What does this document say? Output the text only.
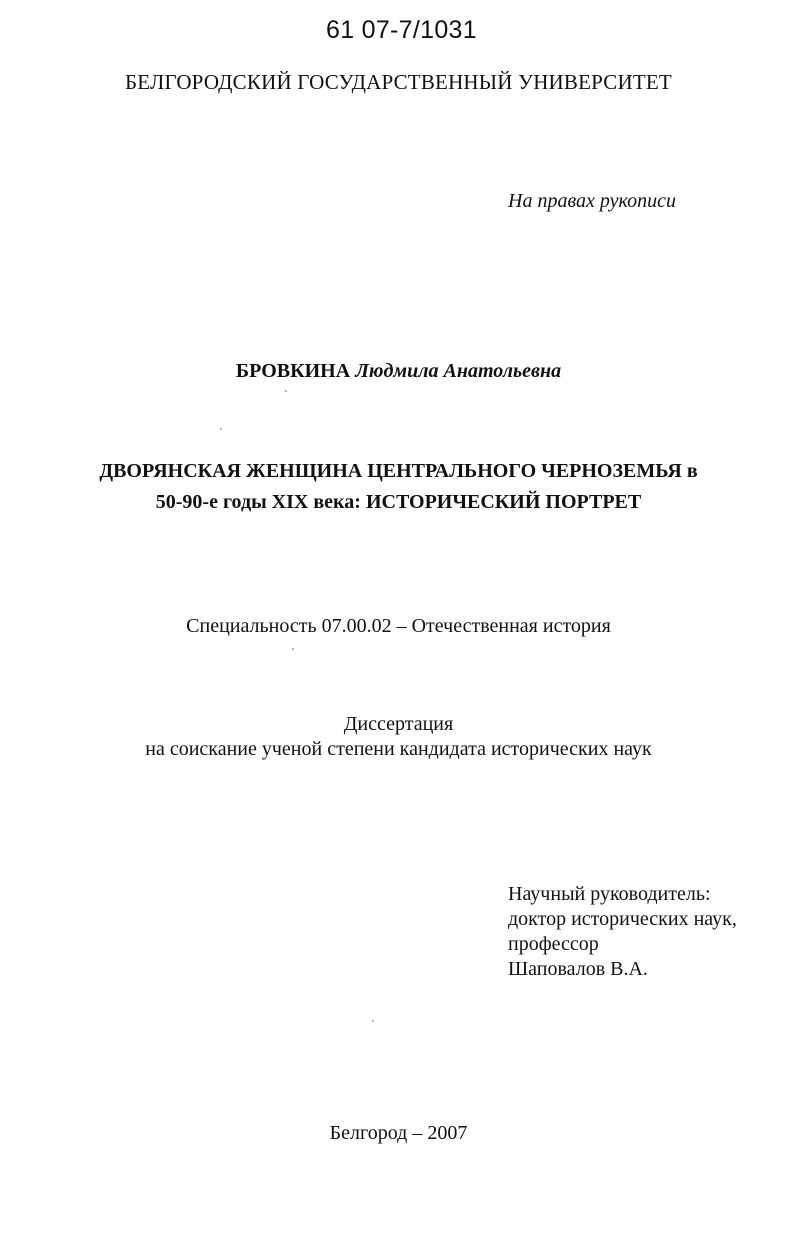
61 07-7/1031
БЕЛГОРОДСКИЙ ГОСУДАРСТВЕННЫЙ УНИВЕРСИТЕТ
На правах рукописи
БРОВКИНА Людмила Анатольевна
ДВОРЯНСКАЯ ЖЕНЩИНА ЦЕНТРАЛЬНОГО ЧЕРНОЗЕМЬЯ в
50-90-е годы XIX века: ИСТОРИЧЕСКИЙ ПОРТРЕТ
Специальность 07.00.02 – Отечественная история
Диссертация
на соискание ученой степени кандидата исторических наук
Научный руководитель:
доктор исторических наук,
профессор
Шаповалов В.А.
Белгород – 2007
